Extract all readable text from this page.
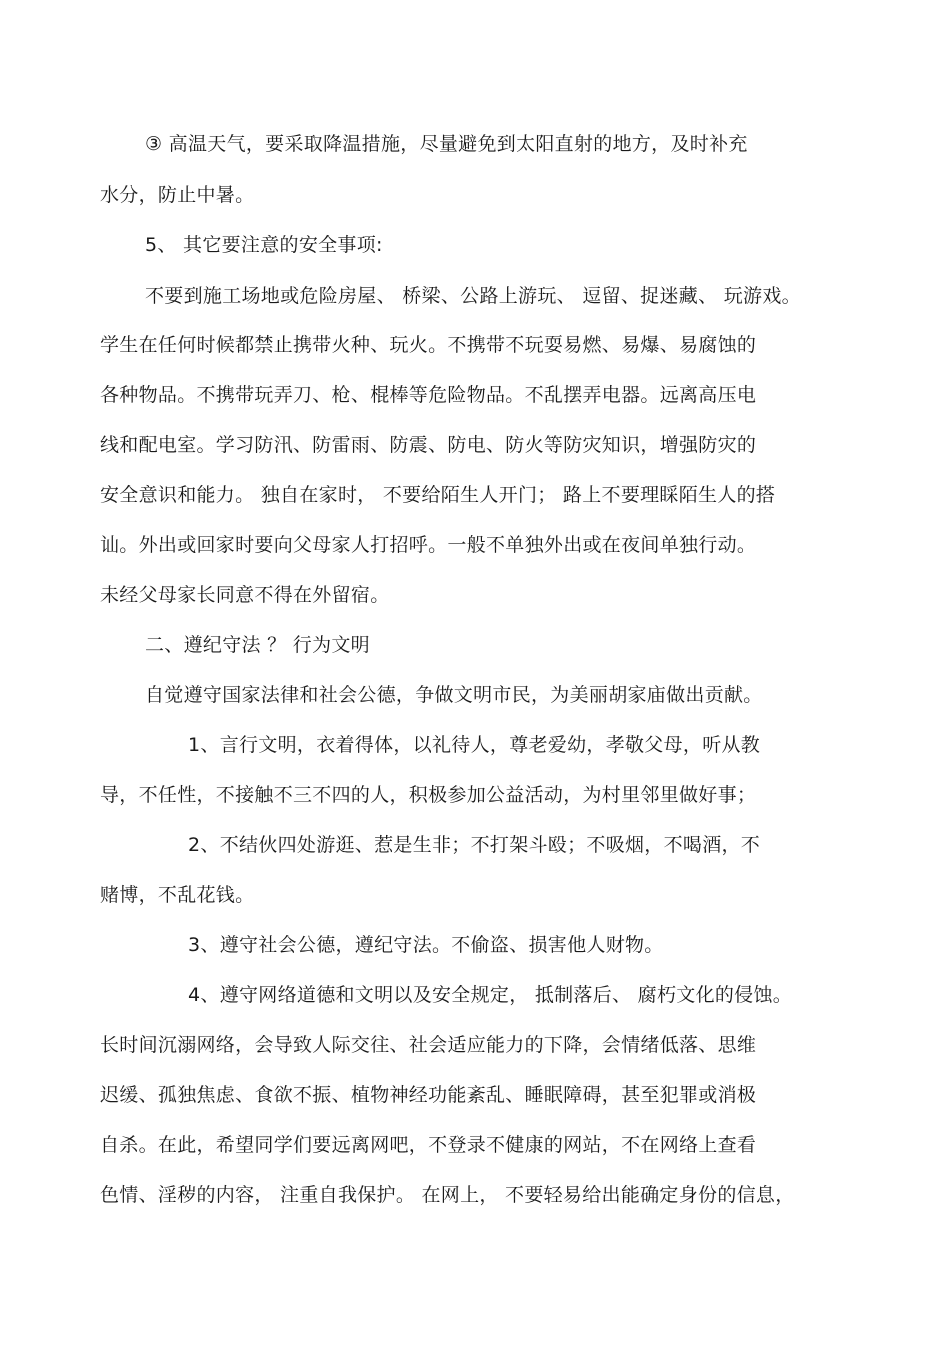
③ 高温天气，要采取降温措施，尽量避免到太阳直射的地方，及时补充
水分，防止中暑。
5、 其它要注意的安全事项:
不要到施工场地或危险房屋、 桥梁、公路上游玩、 逗留、捉迷藏、 玩游戏。
学生在任何时候都禁止携带火种、玩火。不携带不玩耍易燃、易爆、易腐蚀的
各种物品。不携带玩弄刀、枪、棍棒等危险物品。不乱摆弄电器。远离高压电
线和配电室。学习防汛、防雷雨、防震、防电、防火等防灾知识，增强防灾的
安全意识和能力。 独自在家时， 不要给陌生人开门； 路上不要理睬陌生人的搭
讪。外出或回家时要向父母家人打招呼。一般不单独外出或在夜间单独行动。
未经父母家长同意不得在外留宿。
二、遵纪守法 ？ 行为文明
自觉遵守国家法律和社会公德，争做文明市民，为美丽胡家庙做出贡献。
1、言行文明，衣着得体，以礼待人，尊老爱幼，孝敬父母，听从教
导，不任性，不接触不三不四的人，积极参加公益活动，为村里邻里做好事；
2、不结伙四处游逛、惹是生非；不打架斗殴；不吸烟，不喝酒，不
赌博，不乱花钱。
3、遵守社会公德，遵纪守法。不偷盗、损害他人财物。
4、遵守网络道德和文明以及安全规定， 抵制落后、 腐朽文化的侵蚀。
长时间沉溺网络，会导致人际交往、社会适应能力的下降，会情绪低落、思维
迟缓、孤独焦虑、食欲不振、植物神经功能紊乱、睡眠障碍，甚至犯罪或消极
自杀。在此，希望同学们要远离网吧，不登录不健康的网站，不在网络上查看
色情、淫秽的内容， 注重自我保护。 在网上， 不要轻易给出能确定身份的信息，
